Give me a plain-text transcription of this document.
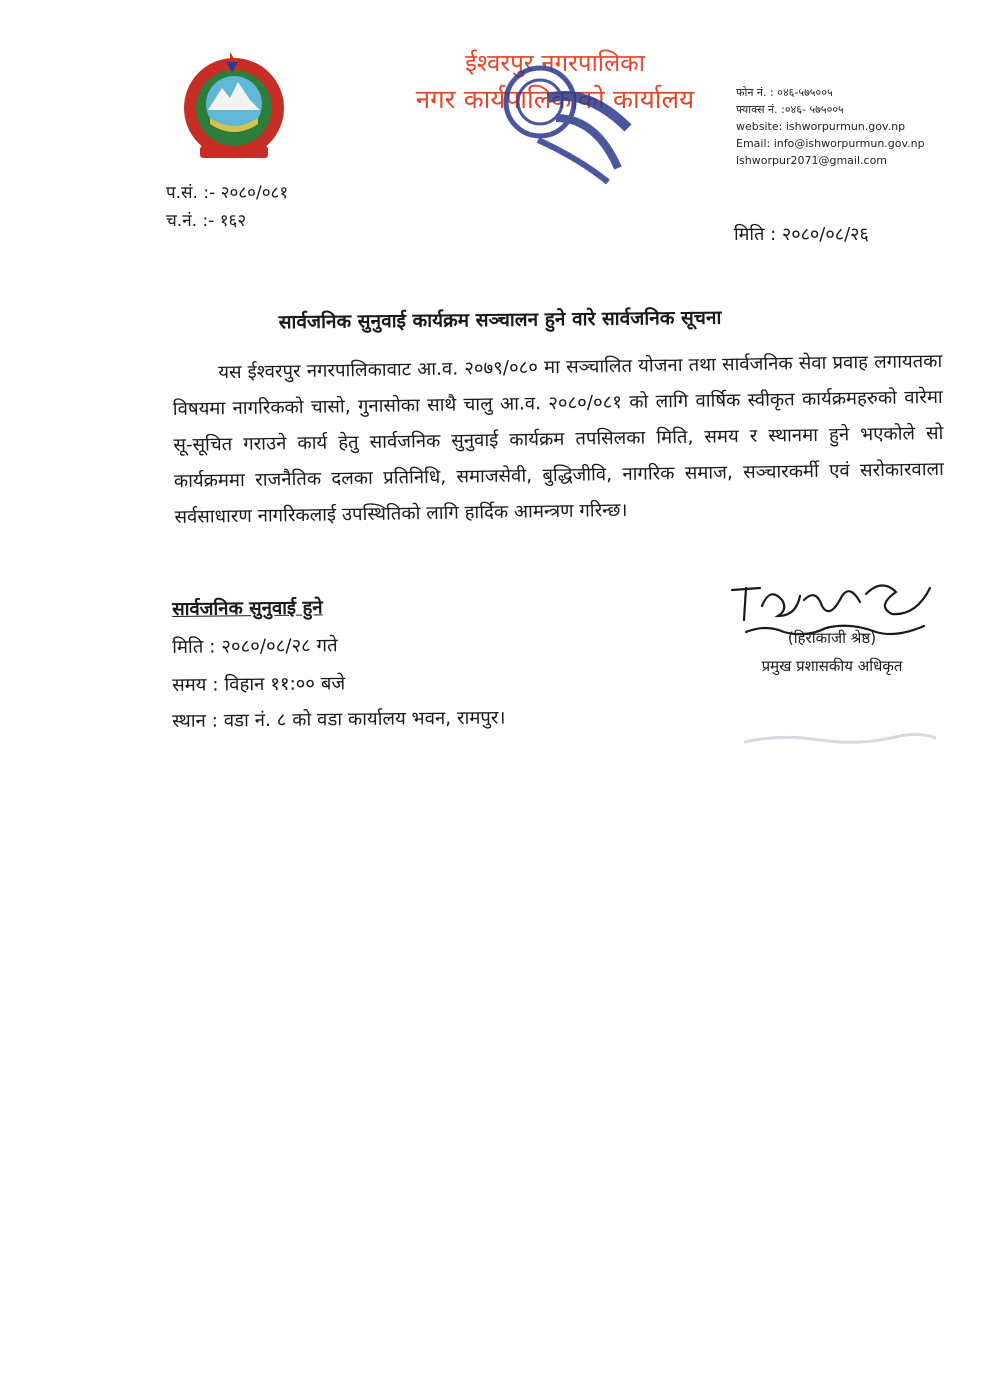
ईश्वरपुर नगरपालिका
नगर कार्यपालिकाको कार्यालय	फोन नं. : ०४६-५७५००५
फ्याक्स नं. :०४६- ५७५००५
website: ishworpurmun.gov.np
Email: info@ishworpurmun.gov.np
ishworpur2071@gmail.com
प.सं. :- २०८०/०८१
च.नं. :- १६२
मिति : २०८०/०८/२६
सार्वजनिक सुनुवाई कार्यक्रम सञ्चालन हुने वारे सार्वजनिक सूचना
यस ईश्वरपुर नगरपालिकावाट आ.व. २०७९/०८० मा सञ्चालित योजना तथा सार्वजनिक सेवा प्रवाह लगायतका विषयमा नागरिकको चासो, गुनासोका साथै चालु आ.व. २०८०/०८१ को लागि वार्षिक स्वीकृत कार्यक्रमहरुको वारेमा सू-सूचित गराउने कार्य हेतु सार्वजनिक सुनुवाई कार्यक्रम तपसिलका मिति, समय र स्थानमा हुने भएकोले सो कार्यक्रममा राजनैतिक दलका प्रतिनिधि, समाजसेवी, बुद्धिजीवि, नागरिक समाज, सञ्चारकर्मी एवं सरोकारवाला सर्वसाधारण नागरिकलाई उपस्थितिको लागि हार्दिक आमन्त्रण गरिन्छ।
सार्वजनिक सुनुवाई हुने
मिति : २०८०/०८/२८ गते
समय : विहान ११:०० बजे
स्थान : वडा नं. ८ को वडा कार्यालय भवन, रामपुर।
(हिराकाजी श्रेष्ठ)
प्रमुख प्रशासकीय अधिकृत
